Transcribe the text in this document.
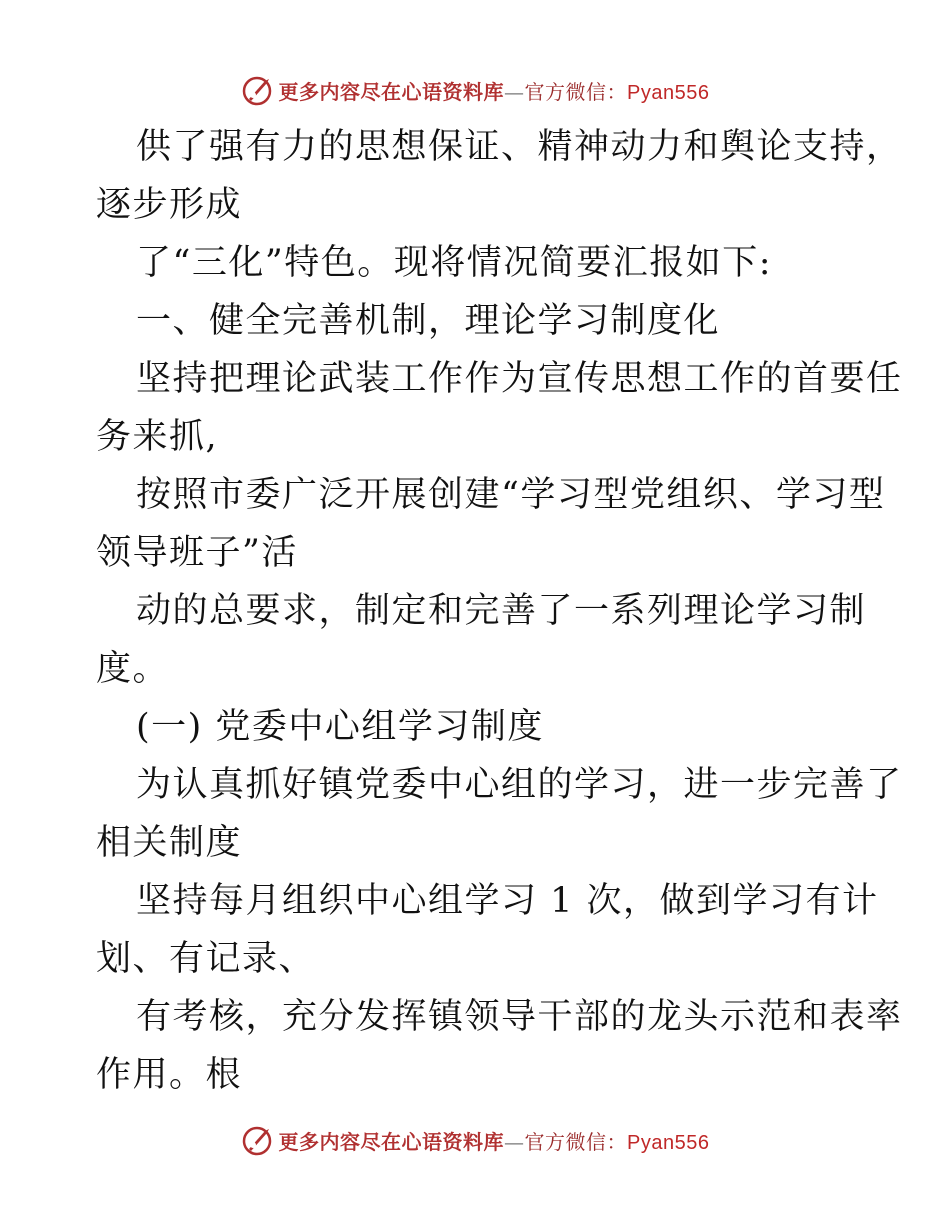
更多内容尽在心语资料库—官方微信：Pyan556
供了强有力的思想保证、精神动力和舆论支持，
逐步形成
了“三化”特色。现将情况简要汇报如下:
一、健全完善机制，理论学习制度化
坚持把理论武装工作作为宣传思想工作的首要任
务来抓,
按照市委广泛开展创建“学习型党组织、学习型
领导班子”活
动的总要求，制定和完善了一系列理论学习制
度。
(一) 党委中心组学习制度
为认真抓好镇党委中心组的学习，进一步完善了
相关制度
坚持每月组织中心组学习 1 次，做到学习有计
划、有记录、
有考核，充分发挥镇领导干部的龙头示范和表率
作用。根
更多内容尽在心语资料库—官方微信：Pyan556
